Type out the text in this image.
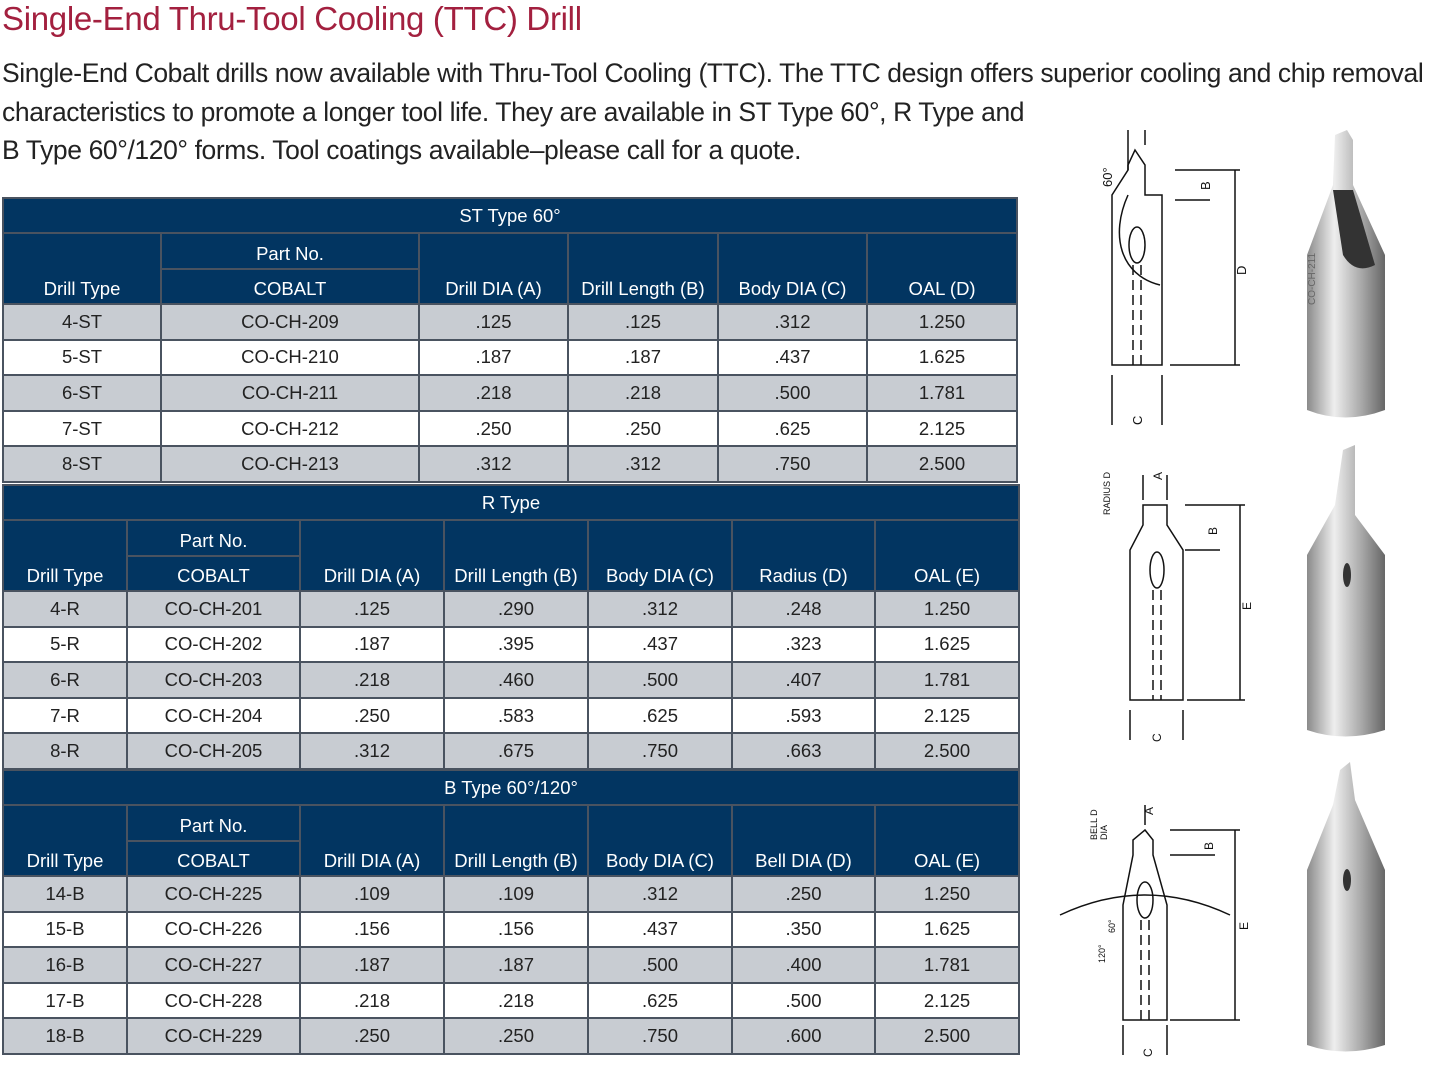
Single-End Thru-Tool Cooling (TTC) Drill
Single-End Cobalt drills now available with Thru-Tool Cooling (TTC). The TTC design offers superior cooling and chip removal
characteristics to promote a longer tool life. They are available in ST Type 60°, R Type and
B Type 60°/120° forms. Tool coatings available–please call for a quote.
ST Type 60°					
Drill Type	Part No.	Drill DIA (A)	Drill Length (B)	Body DIA (C)	OAL (D)
	COBALT				
4-ST	CO-CH-209	.125	.125	.312	1.250
5-ST	CO-CH-210	.187	.187	.437	1.625
6-ST	CO-CH-211	.218	.218	.500	1.781
7-ST	CO-CH-212	.250	.250	.625	2.125
8-ST	CO-CH-213	.312	.312	.750	2.500
R Type						
Drill Type	Part No.	Drill DIA (A)	Drill Length (B)	Body DIA (C)	Radius (D)	OAL (E)
	COBALT					
4-R	CO-CH-201	.125	.290	.312	.248	1.250
5-R	CO-CH-202	.187	.395	.437	.323	1.625
6-R	CO-CH-203	.218	.460	.500	.407	1.781
7-R	CO-CH-204	.250	.583	.625	.593	2.125
8-R	CO-CH-205	.312	.675	.750	.663	2.500
B Type 60°/120°						
Drill Type	Part No.	Drill DIA (A)	Drill Length (B)	Body DIA (C)	Bell DIA (D)	OAL (E)
	COBALT					
14-B	CO-CH-225	.109	.109	.312	.250	1.250
15-B	CO-CH-226	.156	.156	.437	.350	1.625
16-B	CO-CH-227	.187	.187	.500	.400	1.781
17-B	CO-CH-228	.218	.218	.625	.500	2.125
18-B	CO-CH-229	.250	.250	.750	.600	2.500
60°	B
D
C
CO-CH-211
RADIUS D	A
B
E
C
BELL D DIA
A
B
E
60°
120°
C
